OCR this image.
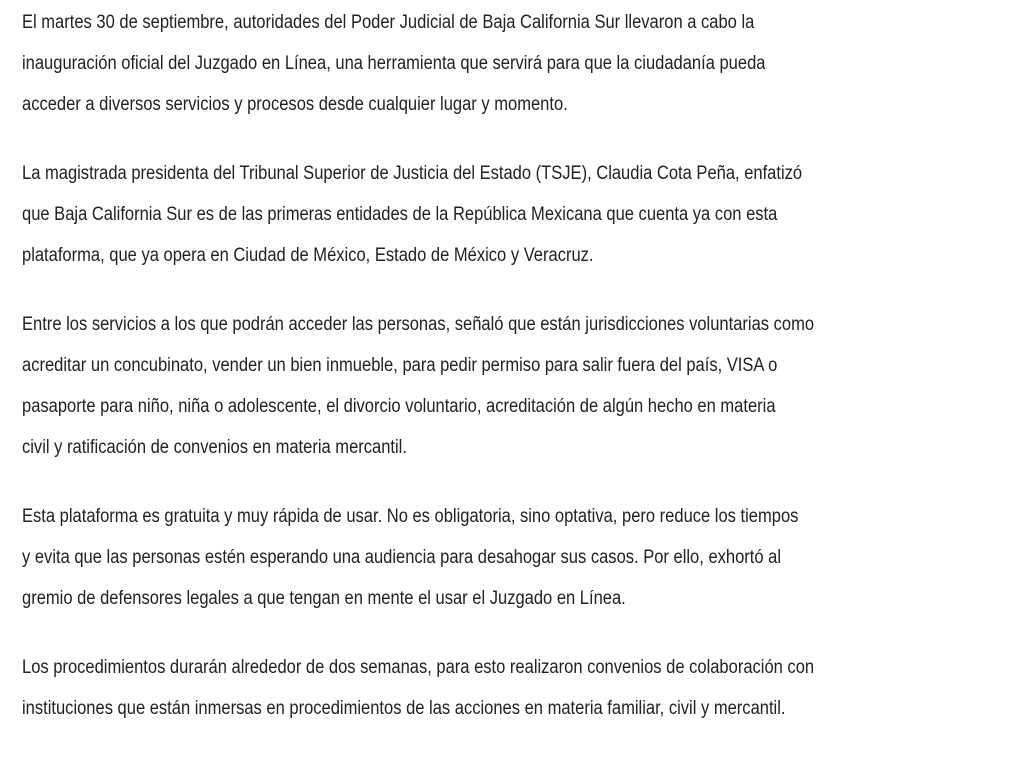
El martes 30 de septiembre, autoridades del Poder Judicial de Baja California Sur llevaron a cabo la
inauguración oficial del Juzgado en Línea, una herramienta que servirá para que la ciudadanía pueda
acceder a diversos servicios y procesos desde cualquier lugar y momento.

La magistrada presidenta del Tribunal Superior de Justicia del Estado (TSJE), Claudia Cota Peña, enfatizó
que Baja California Sur es de las primeras entidades de la República Mexicana que cuenta ya con esta
plataforma, que ya opera en Ciudad de México, Estado de México y Veracruz.

Entre los servicios a los que podrán acceder las personas, señaló que están jurisdicciones voluntarias como
acreditar un concubinato, vender un bien inmueble, para pedir permiso para salir fuera del país, VISA o
pasaporte para niño, niña o adolescente, el divorcio voluntario, acreditación de algún hecho en materia
civil y ratificación de convenios en materia mercantil.

Esta plataforma es gratuita y muy rápida de usar. No es obligatoria, sino optativa, pero reduce los tiempos
y evita que las personas estén esperando una audiencia para desahogar sus casos. Por ello, exhortó al
gremio de defensores legales a que tengan en mente el usar el Juzgado en Línea.

Los procedimientos durarán alrededor de dos semanas, para esto realizaron convenios de colaboración con
instituciones que están inmersas en procedimientos de las acciones en materia familiar, civil y mercantil.
